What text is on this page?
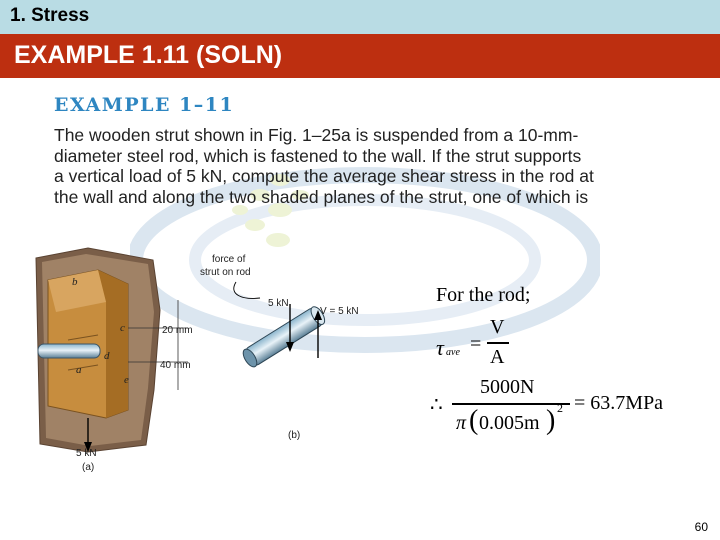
1. Stress
EXAMPLE 1.11 (SOLN)
EXAMPLE 1–11
The wooden strut shown in Fig. 1–25a is suspended from a 10-mm-
diameter steel rod, which is fastened to the wall. If the strut supports
a vertical load of 5 kN, compute the average shear stress in the rod at
the wall and along the two shaded planes of the strut, one of which is
force of
strut on rod
5 kN
V = 5 kN
20 mm
40 mm
b
a
d
c
e
5 kN
(a)
(b)
For the rod;
τ ave =
V
A
∴
5000N
π ( 0.005m ) 2 = 63.7MPa
60
